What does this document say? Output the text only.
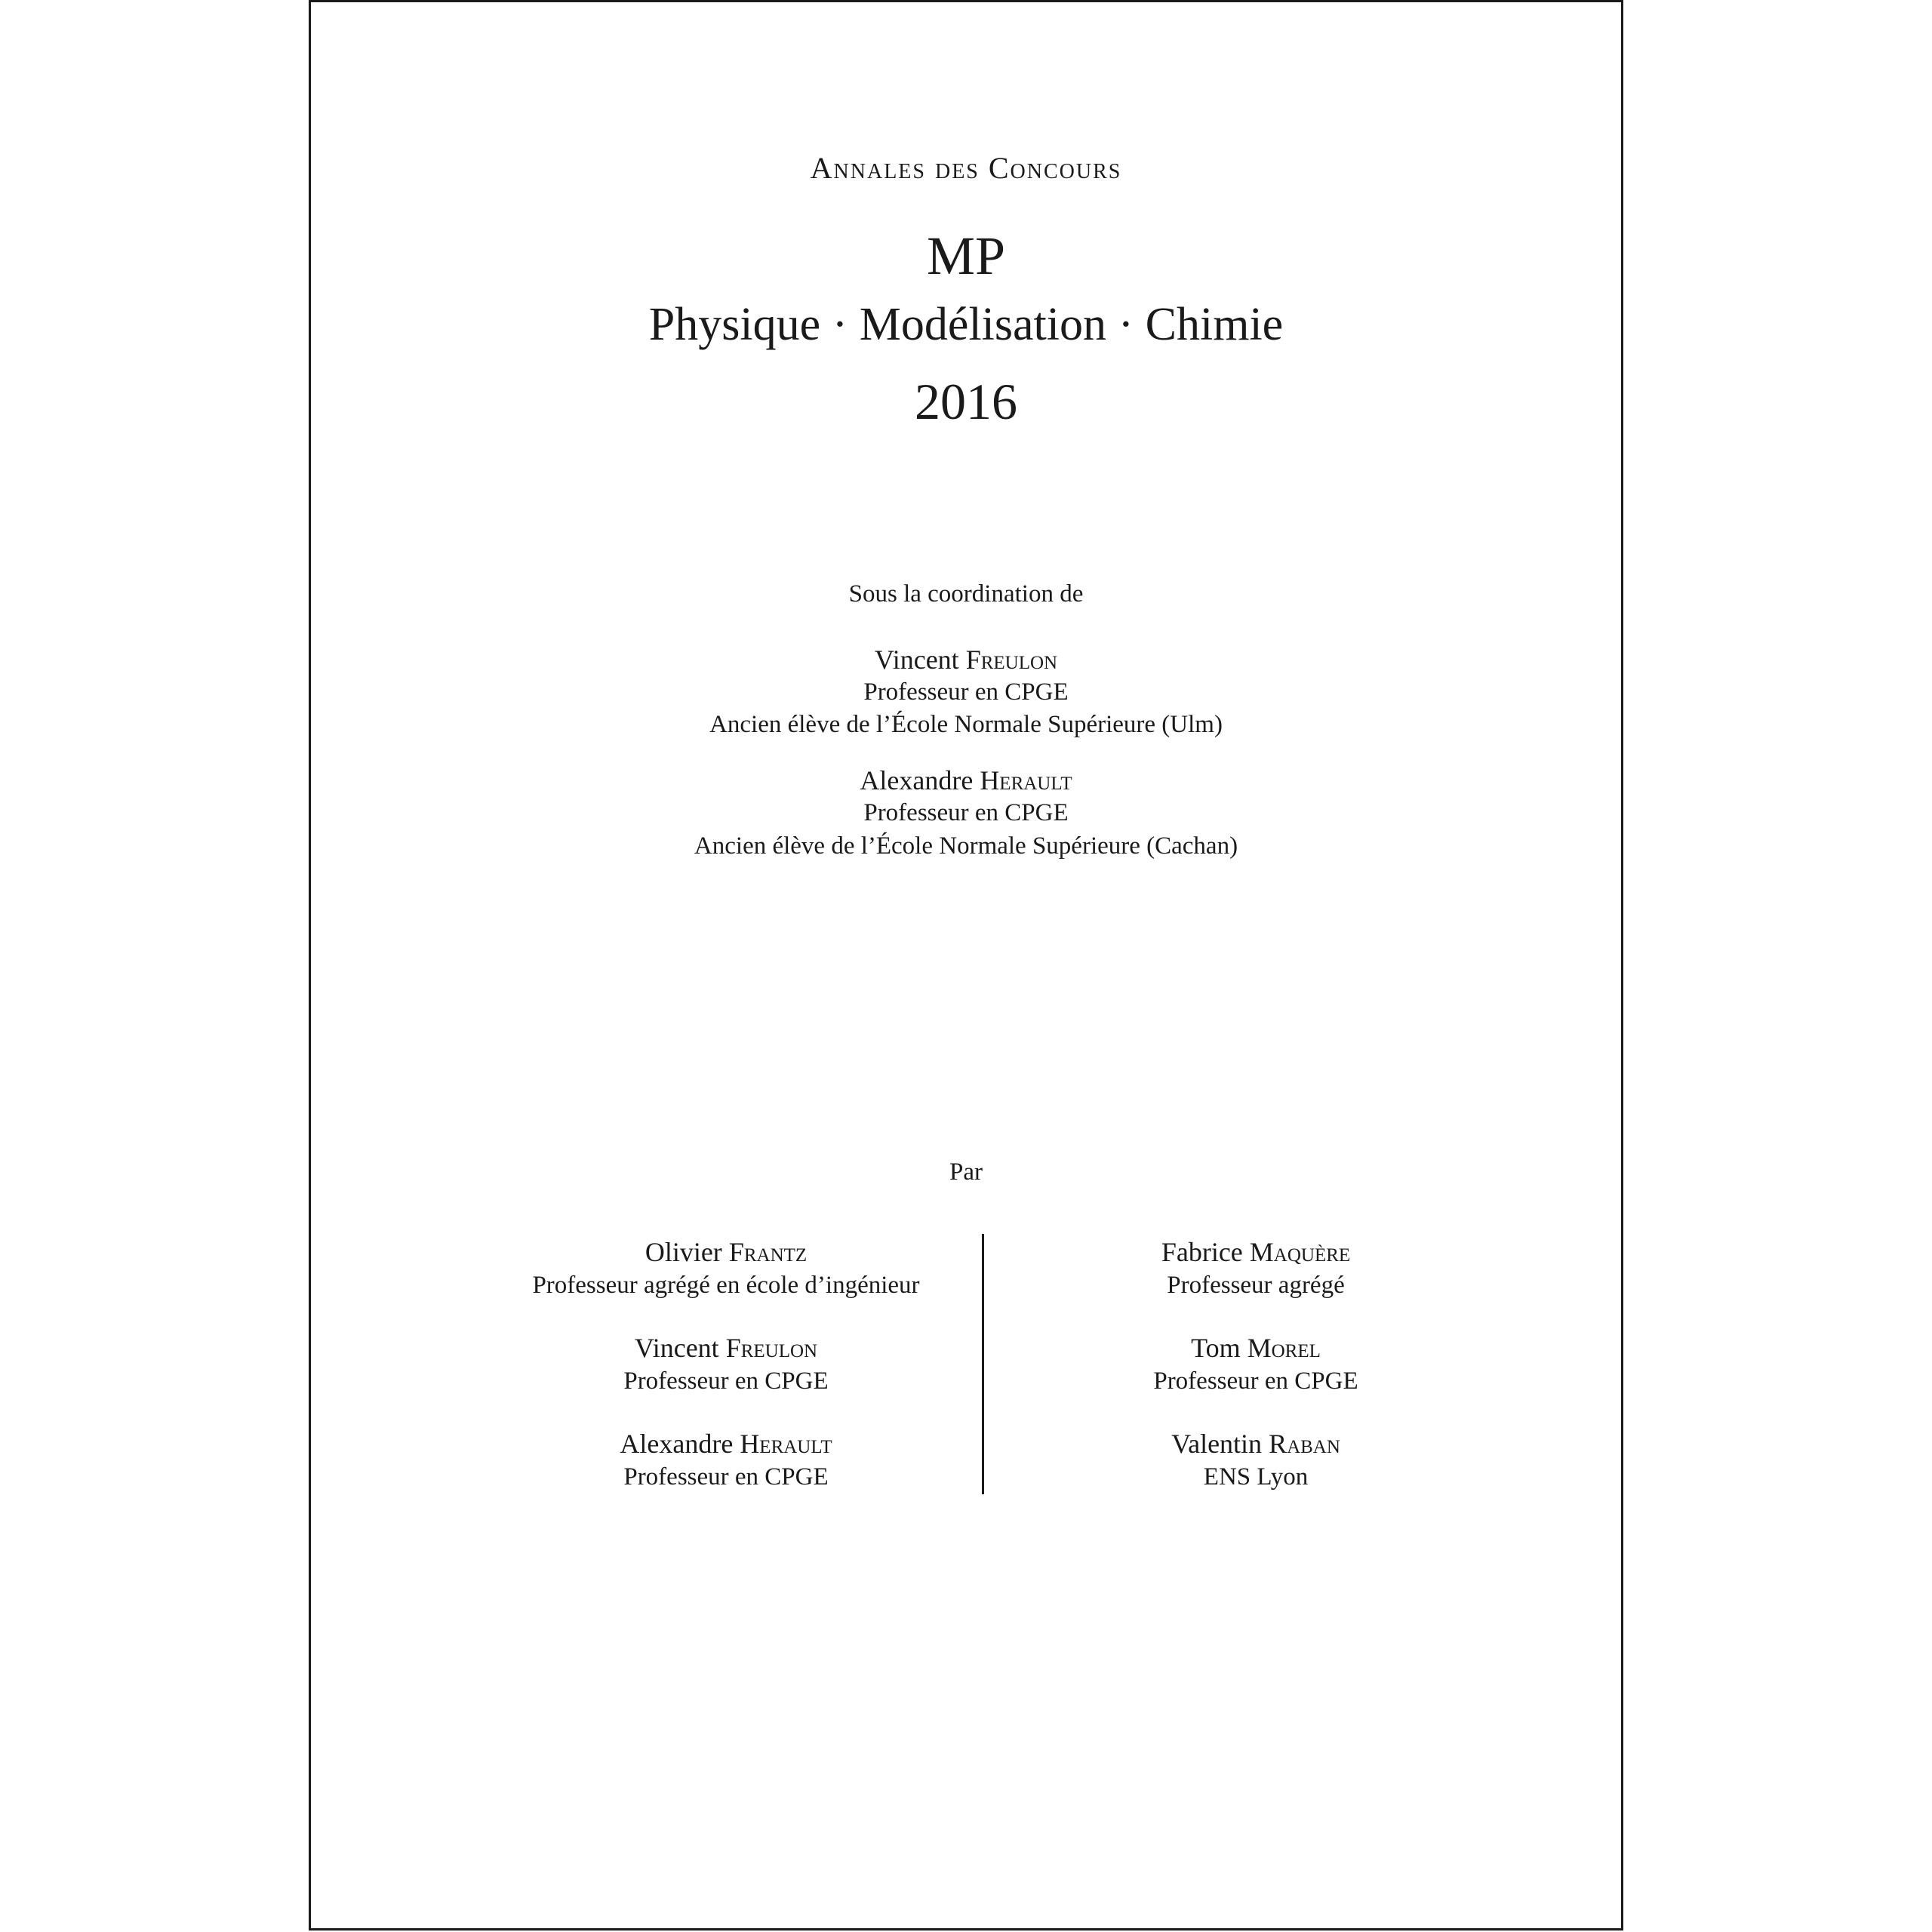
Annales des Concours
MP
Physique · Modélisation · Chimie
2016
Sous la coordination de
Vincent Freulon
Professeur en CPGE
Ancien élève de l’École Normale Supérieure (Ulm)
Alexandre Herault
Professeur en CPGE
Ancien élève de l’École Normale Supérieure (Cachan)
Par
Olivier Frantz
Professeur agrégé en école d’ingénieur
Vincent Freulon
Professeur en CPGE
Alexandre Herault
Professeur en CPGE
Fabrice Maquère
Professeur agrégé
Tom Morel
Professeur en CPGE
Valentin Raban
ENS Lyon
